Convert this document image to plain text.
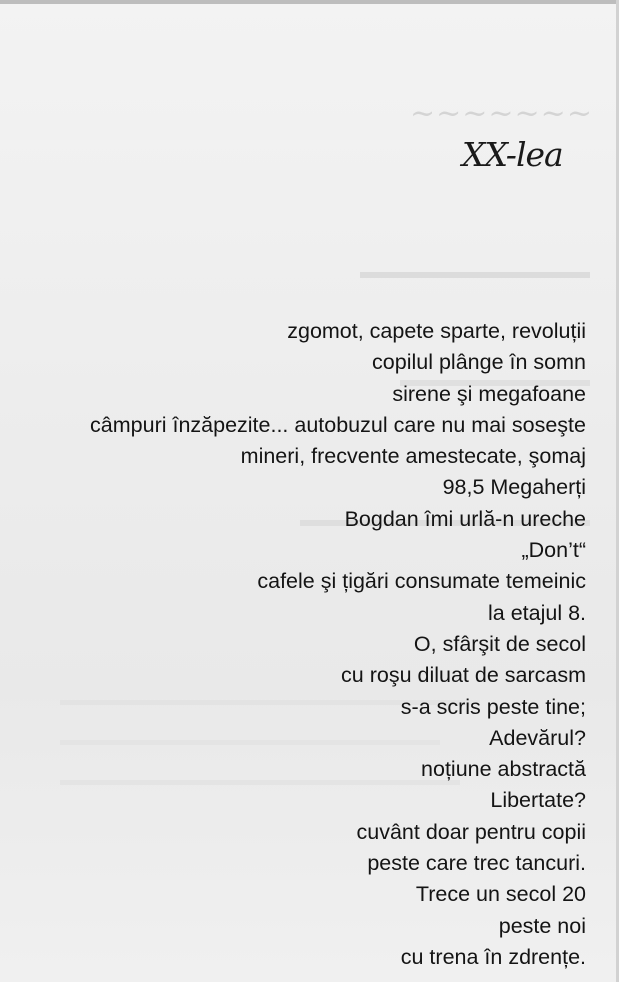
~~~~~~~
XX-lea
zgomot, capete sparte, revoluții
copilul plânge în somn
sirene şi megafoane
câmpuri înzăpezite... autobuzul care nu mai soseşte
mineri, frecvente amestecate, şomaj
98,5 Megaherți
Bogdan îmi urlă-n ureche
„Don’t“
cafele şi țigări consumate temeinic
la etajul 8.
O, sfârşit de secol
cu roşu diluat de sarcasm
s-a scris peste tine;
Adevărul?
noțiune abstractă
Libertate?
cuvânt doar pentru copii
peste care trec tancuri.
Trece un secol 20
peste noi
cu trena în zdrențe.
